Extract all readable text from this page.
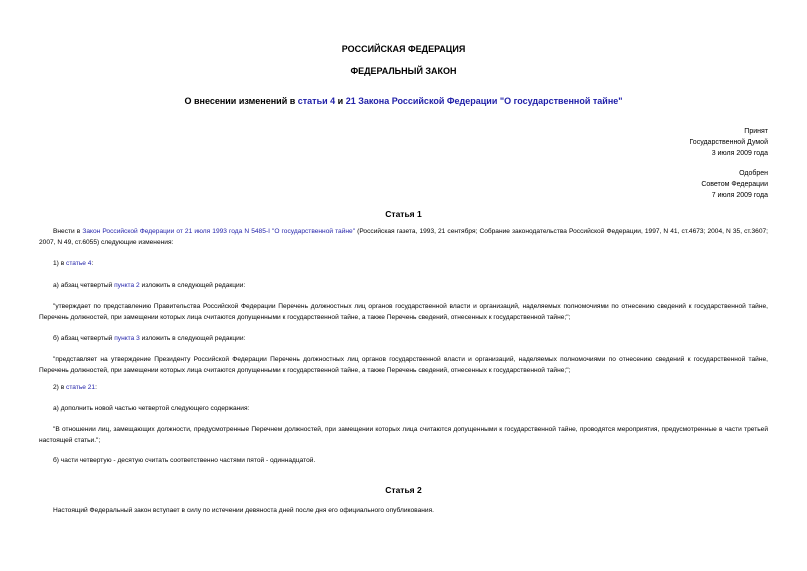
РОССИЙСКАЯ ФЕДЕРАЦИЯ
ФЕДЕРАЛЬНЫЙ ЗАКОН
О внесении изменений в статьи 4 и 21 Закона Российской Федерации "О государственной тайне"
Принят
Государственной Думой
3 июля 2009 года
Одобрен
Советом Федерации
7 июля 2009 года
Статья 1
Внести в Закон Российской Федерации от 21 июля 1993 года N 5485-I "О государственной тайне" (Российская газета, 1993, 21 сентября; Собрание законодательства Российской Федерации, 1997, N 41, ст.4673; 2004, N 35, ст.3607; 2007, N 49, ст.6055) следующие изменения:
1) в статье 4:
а) абзац четвертый пункта 2 изложить в следующей редакции:
"утверждает по представлению Правительства Российской Федерации Перечень должностных лиц органов государственной власти и организаций, наделяемых полномочиями по отнесению сведений к государственной тайне, Перечень должностей, при замещении которых лица считаются допущенными к государственной тайне, а также Перечень сведений, отнесенных к государственной тайне;";
б) абзац четвертый пункта 3 изложить в следующей редакции:
"представляет на утверждение Президенту Российской Федерации Перечень должностных лиц органов государственной власти и организаций, наделяемых полномочиями по отнесению сведений к государственной тайне, Перечень должностей, при замещении которых лица считаются допущенными к государственной тайне, а также Перечень сведений, отнесенных к государственной тайне;";
2) в статье 21:
а) дополнить новой частью четвертой следующего содержания:
"В отношении лиц, замещающих должности, предусмотренные Перечнем должностей, при замещении которых лица считаются допущенными к государственной тайне, проводятся мероприятия, предусмотренные в части третьей настоящей статьи.";
б) части четвертую - десятую считать соответственно частями пятой - одиннадцатой.
Статья 2
Настоящий Федеральный закон вступает в силу по истечении девяноста дней после дня его официального опубликования.
